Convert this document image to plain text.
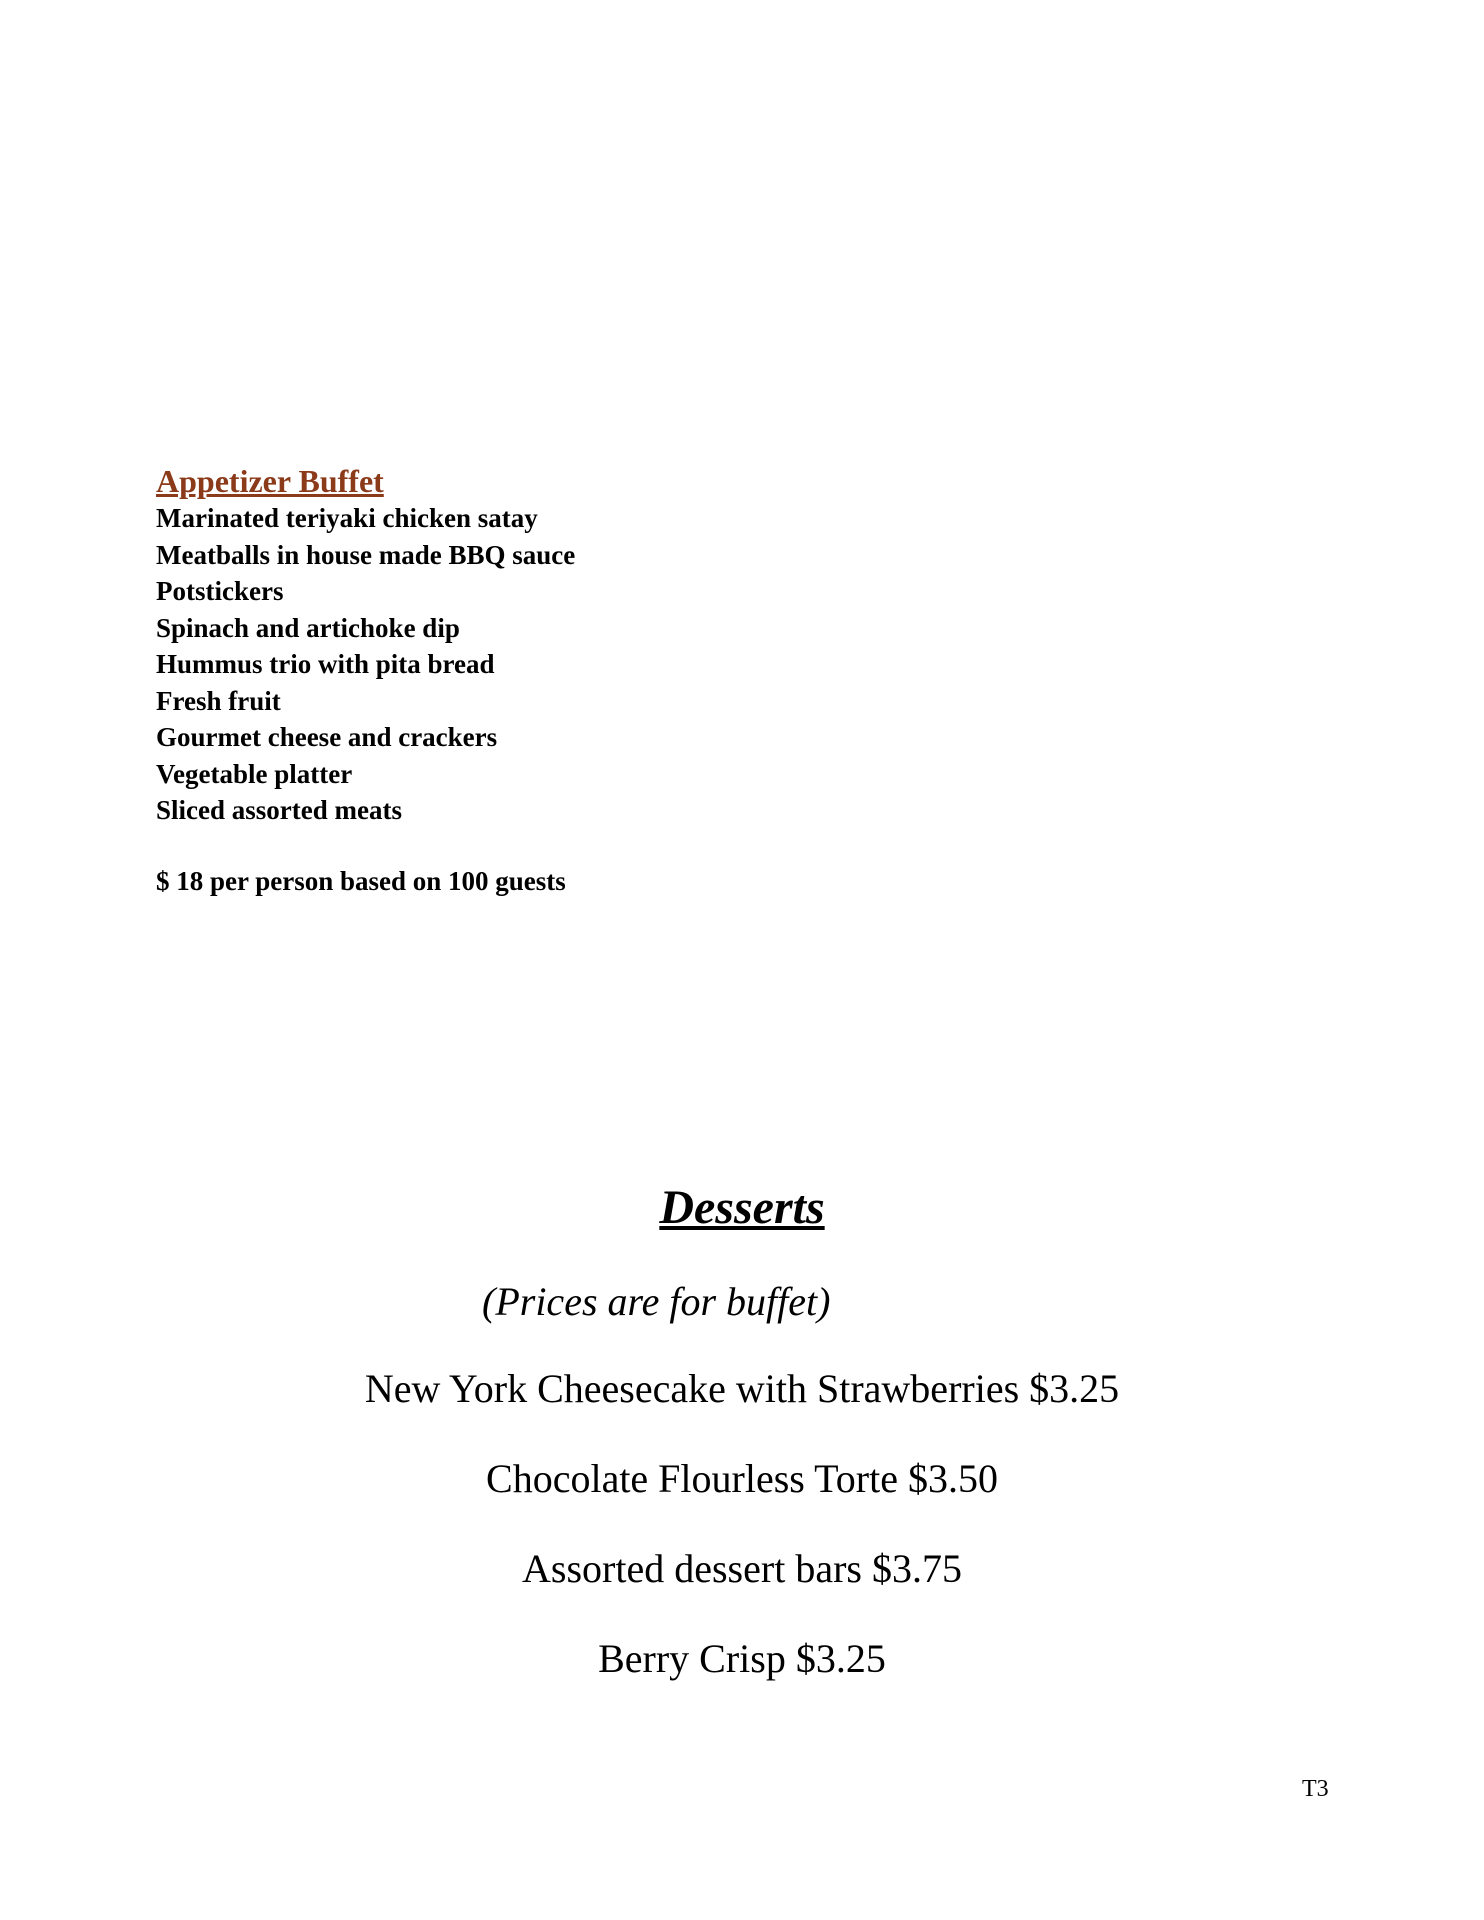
Appetizer Buffet
Marinated teriyaki chicken satay
Meatballs in house made BBQ sauce
Potstickers
Spinach and artichoke dip
Hummus trio with pita bread
Fresh fruit
Gourmet cheese and crackers
Vegetable platter
Sliced assorted meats

$ 18 per person based on 100 guests

Desserts

(Prices are for buffet)

New York Cheesecake with Strawberries $3.25
Chocolate Flourless Torte $3.50
Assorted dessert bars $3.75
Berry Crisp $3.25

T3
